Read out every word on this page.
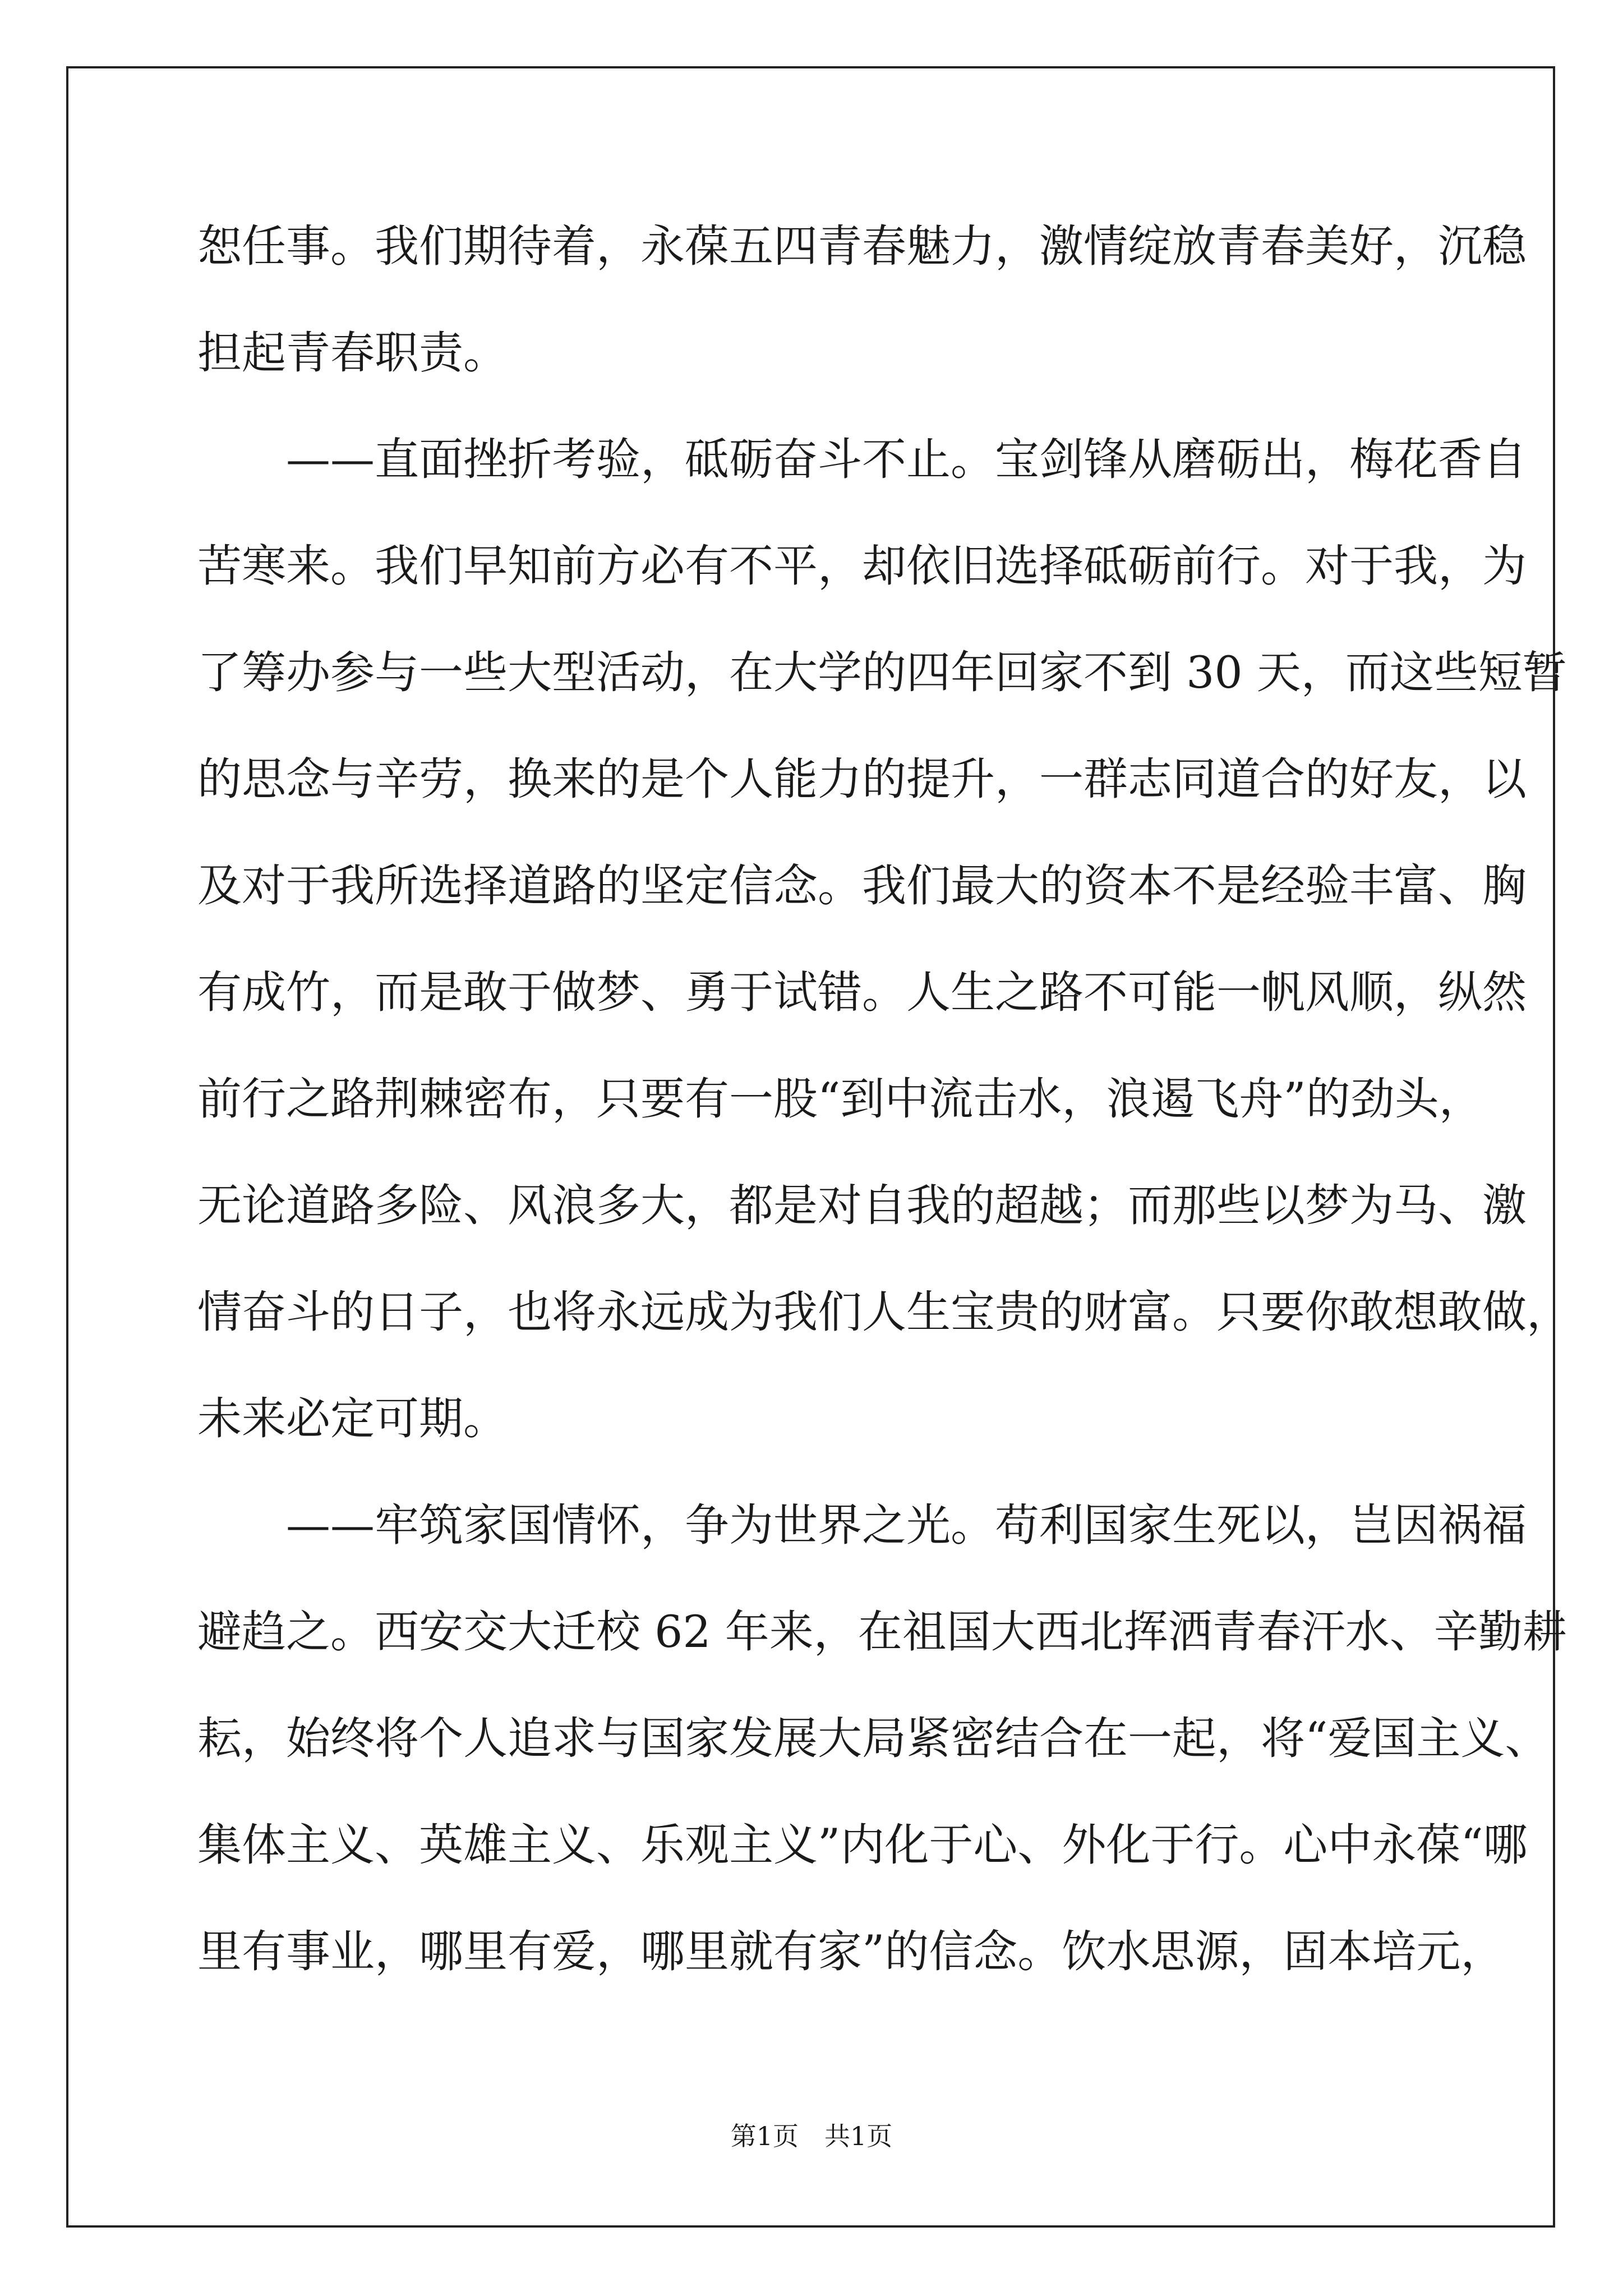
恕任事。我们期待着，永葆五四青春魅力，激情绽放青春美好，沉稳
担起青春职责。
——直面挫折考验，砥砺奋斗不止。宝剑锋从磨砺出，梅花香自
苦寒来。我们早知前方必有不平，却依旧选择砥砺前行。对于我，为
了筹办参与一些大型活动，在大学的四年回家不到 30 天，而这些短暂
的思念与辛劳，换来的是个人能力的提升，一群志同道合的好友，以
及对于我所选择道路的坚定信念。我们最大的资本不是经验丰富、胸
有成竹，而是敢于做梦、勇于试错。人生之路不可能一帆风顺，纵然
前行之路荆棘密布，只要有一股“到中流击水，浪遏飞舟”的劲头，
无论道路多险、风浪多大，都是对自我的超越；而那些以梦为马、激
情奋斗的日子，也将永远成为我们人生宝贵的财富。只要你敢想敢做，
未来必定可期。
——牢筑家国情怀，争为世界之光。苟利国家生死以，岂因祸福
避趋之。西安交大迁校 62 年来，在祖国大西北挥洒青春汗水、辛勤耕
耘，始终将个人追求与国家发展大局紧密结合在一起，将“爱国主义、
集体主义、英雄主义、乐观主义”内化于心、外化于行。心中永葆“哪
里有事业，哪里有爱，哪里就有家”的信念。饮水思源，固本培元，
第1页　共1页
